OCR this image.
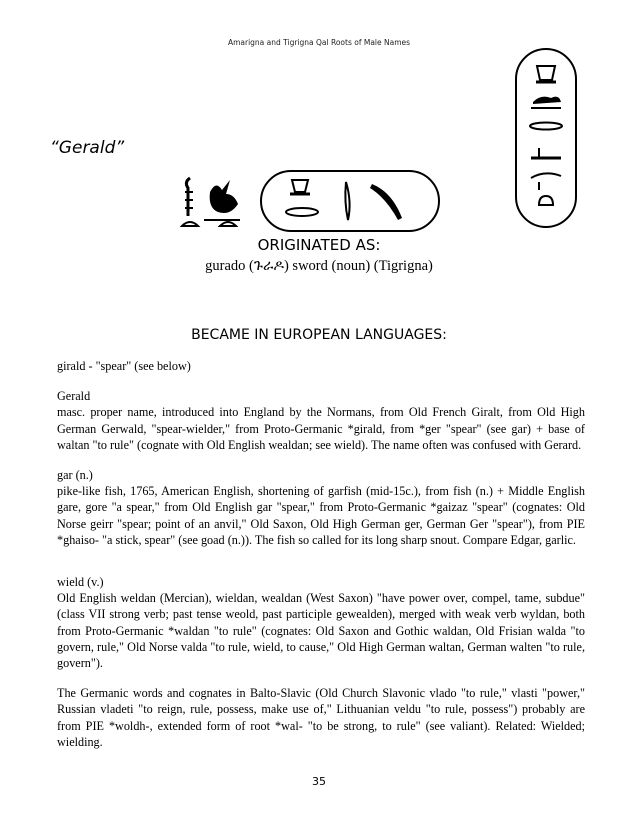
Amarigna and Tigrigna Qal Roots of Male Names
“Gerald”
ORIGINATED AS:
gurado (ጉራዶ) sword (noun) (Tigrigna)
BECAME IN EUROPEAN LANGUAGES:

girald - "spear" (see below)

Gerald
masc. proper name, introduced into England by the Normans, from Old French Giralt, from Old High German Gerwald, "spear-wielder," from Proto-Germanic *girald, from *ger "spear" (see gar) + base of waltan "to rule" (cognate with Old English wealdan; see wield). The name often was confused with Gerard.

gar (n.)
pike-like fish, 1765, American English, shortening of garfish (mid-15c.), from fish (n.) + Middle English gare, gore "a spear," from Old English gar "spear," from Proto-Germanic *gaizaz "spear" (cognates: Old Norse geirr "spear; point of an anvil," Old Saxon, Old High German ger, German Ger "spear"), from PIE *ghaiso- "a stick, spear" (see goad (n.)). The fish so called for its long sharp snout. Compare Edgar, garlic.

wield (v.)
Old English weldan (Mercian), wieldan, wealdan (West Saxon) "have power over, compel, tame, subdue" (class VII strong verb; past tense weold, past participle gewealden), merged with weak verb wyldan, both from Proto-Germanic *waldan "to rule" (cognates: Old Saxon and Gothic waldan, Old Frisian walda "to govern, rule," Old Norse valda "to rule, wield, to cause," Old High German waltan, German walten "to rule, govern").

The Germanic words and cognates in Balto-Slavic (Old Church Slavonic vlado "to rule," vlasti "power," Russian vladeti "to reign, rule, possess, make use of," Lithuanian veldu "to rule, possess") probably are from PIE *woldh-, extended form of root *wal- "to be strong, to rule" (see valiant). Related: Wielded; wielding.

35
